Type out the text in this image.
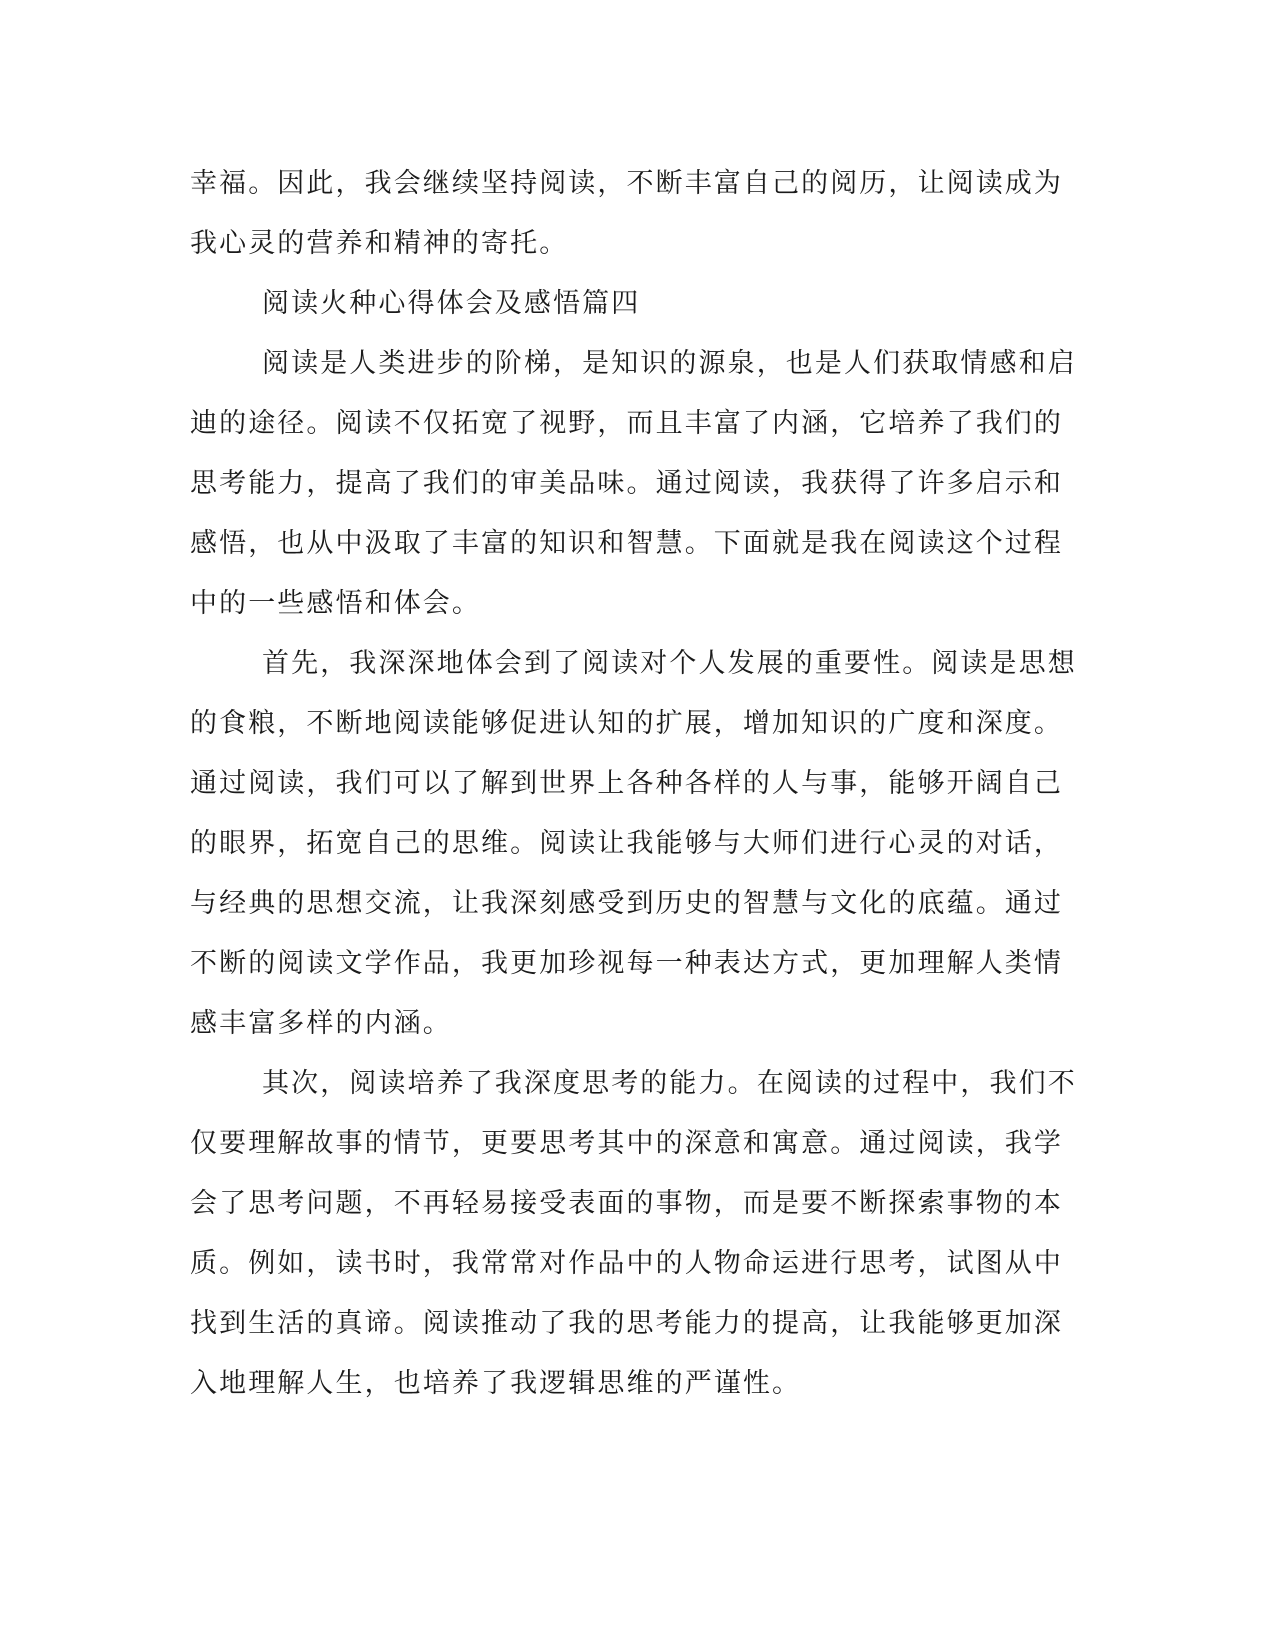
幸福。因此，我会继续坚持阅读，不断丰富自己的阅历，让阅读成为
我心灵的营养和精神的寄托。
阅读火种心得体会及感悟篇四
阅读是人类进步的阶梯，是知识的源泉，也是人们获取情感和启
迪的途径。阅读不仅拓宽了视野，而且丰富了内涵，它培养了我们的
思考能力，提高了我们的审美品味。通过阅读，我获得了许多启示和
感悟，也从中汲取了丰富的知识和智慧。下面就是我在阅读这个过程
中的一些感悟和体会。
首先，我深深地体会到了阅读对个人发展的重要性。阅读是思想
的食粮，不断地阅读能够促进认知的扩展，增加知识的广度和深度。
通过阅读，我们可以了解到世界上各种各样的人与事，能够开阔自己
的眼界，拓宽自己的思维。阅读让我能够与大师们进行心灵的对话，
与经典的思想交流，让我深刻感受到历史的智慧与文化的底蕴。通过
不断的阅读文学作品，我更加珍视每一种表达方式，更加理解人类情
感丰富多样的内涵。
其次，阅读培养了我深度思考的能力。在阅读的过程中，我们不
仅要理解故事的情节，更要思考其中的深意和寓意。通过阅读，我学
会了思考问题，不再轻易接受表面的事物，而是要不断探索事物的本
质。例如，读书时，我常常对作品中的人物命运进行思考，试图从中
找到生活的真谛。阅读推动了我的思考能力的提高，让我能够更加深
入地理解人生，也培养了我逻辑思维的严谨性。
